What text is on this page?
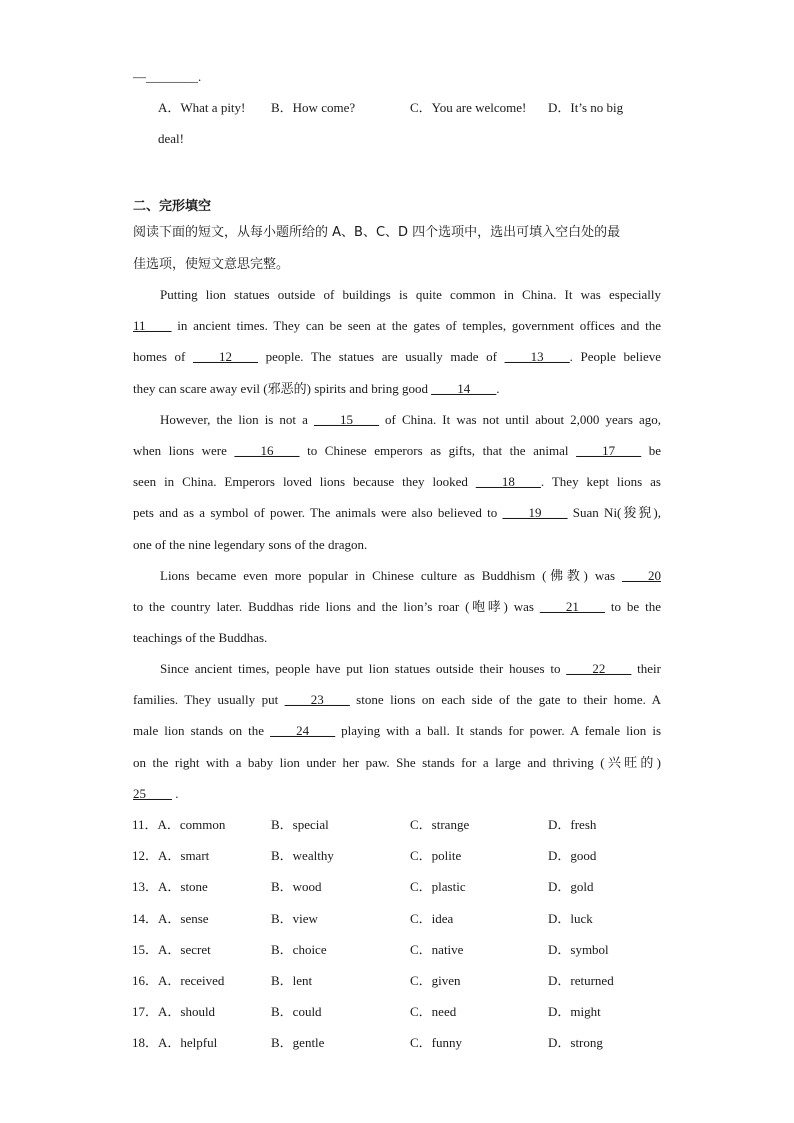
—________.
A．What a pity! B．How come?	C．You are welcome! D．It’s no big
deal!
二、完形填空
阅读下面的短文，从每小题所给的 A、B、C、D 四个选项中，选出可填入空白处的最
佳选项，使短文意思完整。
Putting lion statues outside of buildings is quite common in China. It was especially
11____ in ancient times. They can be seen at the gates of temples, government offices and the
homes of ____12____ people. The statues are usually made of ____13____. People believe
they can scare away evil (邪恶的) spirits and bring good ____14____.
However, the lion is not a ____15____ of China. It was not until about 2,000 years ago,
when lions were ____16____ to Chinese emperors as gifts, that the animal ____17____ be
seen in China. Emperors loved lions because they looked ____18____. They kept lions as
pets and as a symbol of power. The animals were also believed to ____19____ Suan Ni(狻猊),
one of the nine legendary sons of the dragon.
Lions became even more popular in Chinese culture as Buddhism (佛教) was ____20
to the country later. Buddhas ride lions and the lion’s roar (咆哮) was ____21____ to be the
teachings of the Buddhas.
Since ancient times, people have put lion statues outside their houses to ____22____ their
families. They usually put ____23____ stone lions on each side of the gate to their home. A
male lion stands on the ____24____ playing with a ball. It stands for power. A female lion is
on the right with a baby lion under her paw. She stands for a large and thriving (兴旺的)
25____ .
11．A．common	B．special	C．strange	D．fresh
12．A．smart	B．wealthy	C．polite	D．good
13．A．stone	B．wood	C．plastic	D．gold
14．A．sense	B．view	C．idea	D．luck
15．A．secret	B．choice	C．native	D．symbol
16．A．received	B．lent	C．given	D．returned
17．A．should	B．could	C．need	D．might
18．A．helpful	B．gentle	C．funny	D．strong
